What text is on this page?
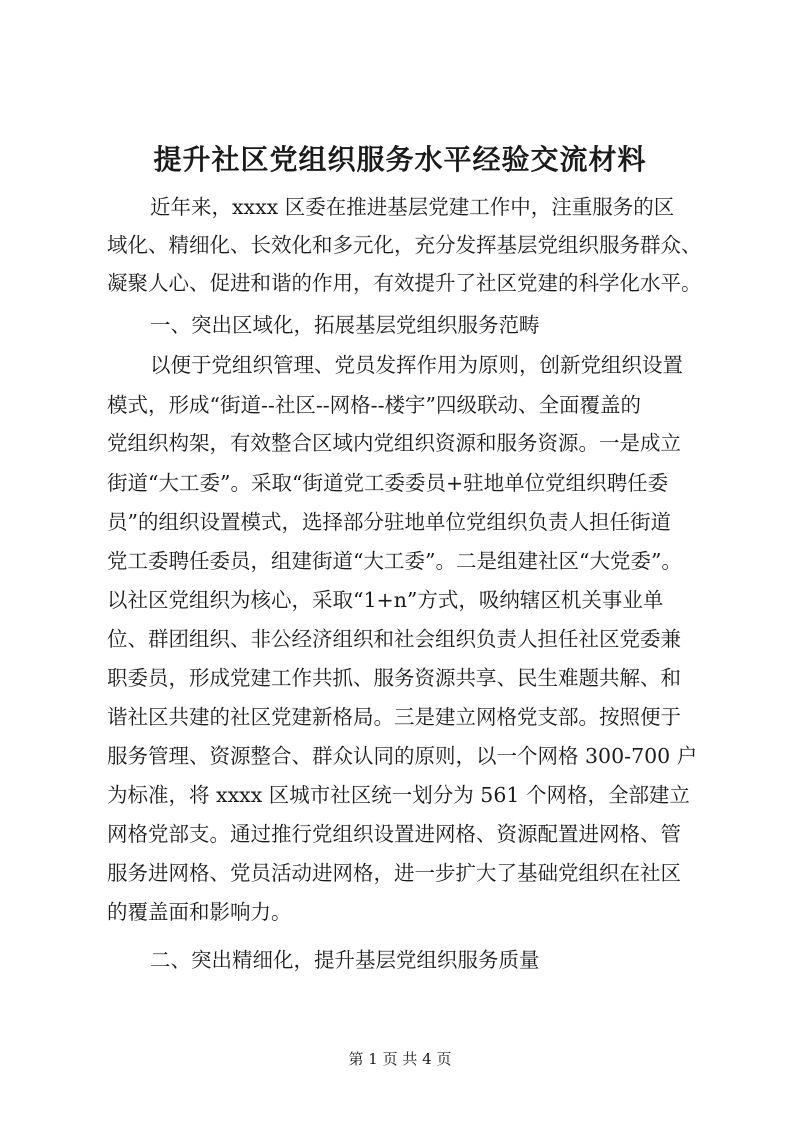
提升社区党组织服务水平经验交流材料

近年来，xxxx 区委在推进基层党建工作中，注重服务的区

域化、精细化、长效化和多元化，充分发挥基层党组织服务群众、

凝聚人心、促进和谐的作用，有效提升了社区党建的科学化水平。

一、突出区域化，拓展基层党组织服务范畴

以便于党组织管理、党员发挥作用为原则，创新党组织设置

模式，形成“街道--社区--网格--楼宇”四级联动、全面覆盖的

党组织构架，有效整合区域内党组织资源和服务资源。一是成立

街道“大工委”。采取“街道党工委委员+驻地单位党组织聘任委

员”的组织设置模式，选择部分驻地单位党组织负责人担任街道

党工委聘任委员，组建街道“大工委”。二是组建社区“大党委”。

以社区党组织为核心，采取“1+n”方式，吸纳辖区机关事业单

位、群团组织、非公经济组织和社会组织负责人担任社区党委兼

职委员，形成党建工作共抓、服务资源共享、民生难题共解、和

谐社区共建的社区党建新格局。三是建立网格党支部。按照便于

服务管理、资源整合、群众认同的原则，以一个网格 300-700 户

为标准，将 xxxx 区城市社区统一划分为 561 个网格，全部建立

网格党部支。通过推行党组织设置进网格、资源配置进网格、管

服务进网格、党员活动进网格，进一步扩大了基础党组织在社区

的覆盖面和影响力。

二、突出精细化，提升基层党组织服务质量

第 1 页 共 4 页
